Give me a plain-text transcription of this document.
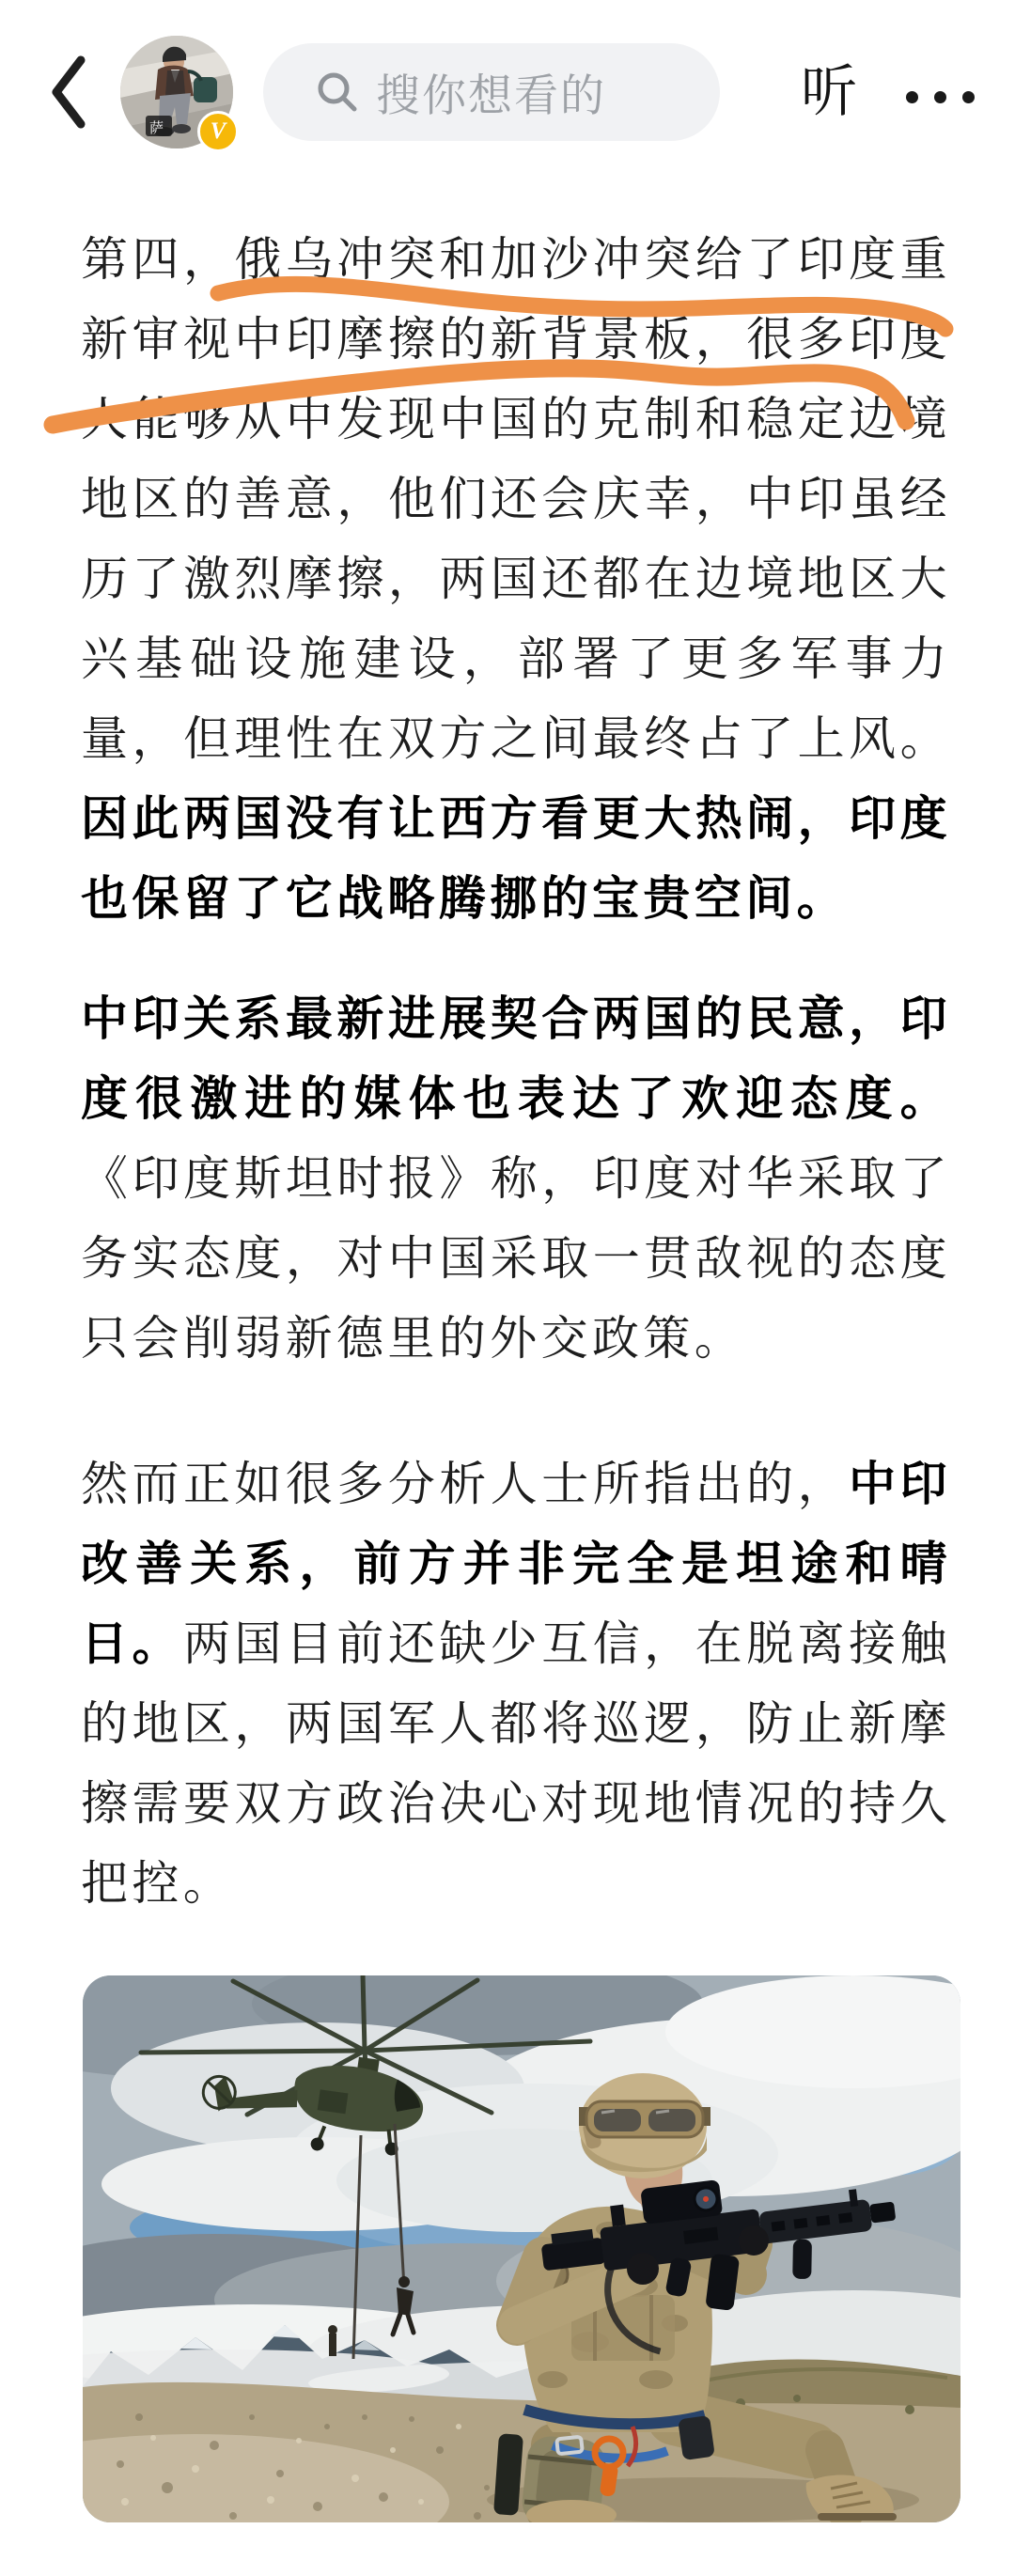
萨	V
搜你想看的	听

第四，俄乌冲突和加沙冲突给了印度重新审视中印摩擦的新背景板，很多印度人能够从中发现中国的克制和稳定边境地区的善意，他们还会庆幸，中印虽经历了激烈摩擦，两国还都在边境地区大兴基础设施建设，部署了更多军事力量，但理性在双方之间最终占了上风。因此两国没有让西方看更大热闹，印度也保留了它战略腾挪的宝贵空间。

中印关系最新进展契合两国的民意，印度很激进的媒体也表达了欢迎态度。《印度斯坦时报》称，印度对华采取了务实态度，对中国采取一贯敌视的态度只会削弱新德里的外交政策。

然而正如很多分析人士所指出的，中印改善关系，前方并非完全是坦途和晴日。两国目前还缺少互信，在脱离接触的地区，两国军人都将巡逻，防止新摩擦需要双方政治决心对现地情况的持久把控。
